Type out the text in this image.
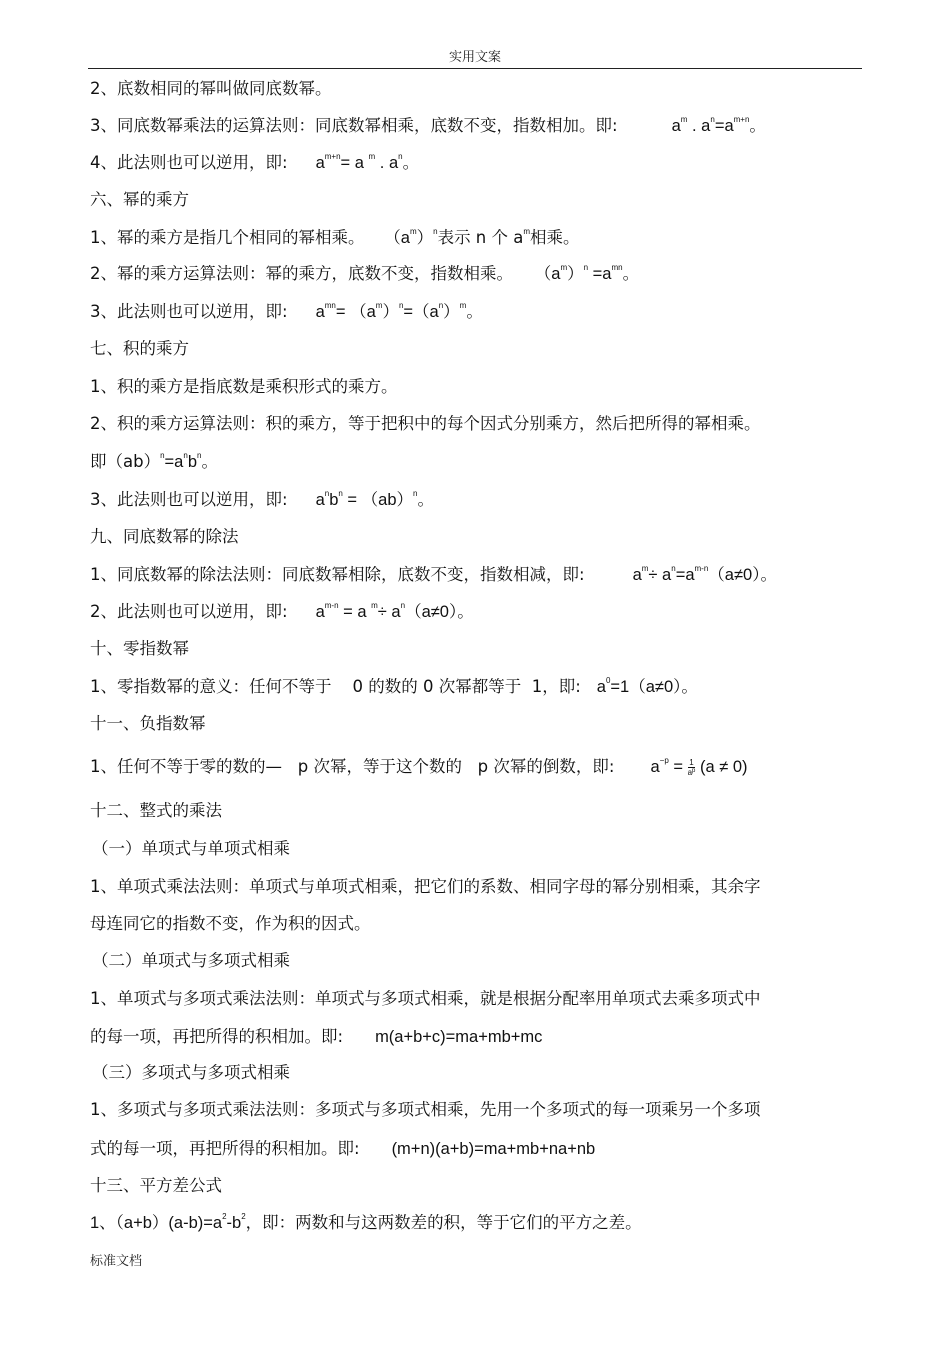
实用文案
2、底数相同的幂叫做同底数幂。
3、同底数幂乘法的运算法则：同底数幂相乘，底数不变，指数相加。即:	$a^m$ . $a^n=a^{m+n}$。
4、此法则也可以逆用，即: $a^{m+n}= a$ $^m$ . $a^n$。
六、幂的乘方
1、幂的乘方是指几个相同的幂相乘。 $(a^m)^n$表示 n 个 $a^m$相乘。
2、幂的乘方运算法则：幂的乘方，底数不变，指数相乘。 $(a^m)^n =a^{mn}$。
3、此法则也可以逆用，即: $a^{mn}= (a^m)^n=(a^n)^m$。
七、积的乘方
1、积的乘方是指底数是乘积形式的乘方。
2、积的乘方运算法则：积的乘方，等于把积中的每个因式分别乘方，然后把所得的幂相乘。
即$(ab)^n=a^nb^n$。
3、此法则也可以逆用，即: $a^nb^n = (ab)^n$。
九、同底数幂的除法
1、同底数幂的除法法则：同底数幂相除，底数不变，指数相减，即:	$a^m\div a^n=a^{m-n}(a\ne 0)$。
2、此法则也可以逆用，即: $a^{m-n} = a$ $^m\div a^n(a\ne 0)$。
十、零指数幂
1、零指数幂的意义：任何不等于    0 的数的 0 次幂都等于  1，即: $a^0=1(a\ne 0)$。
十一、负指数幂
1、任何不等于零的数的—   p 次幂，等于这个数的   p 次幂的倒数，即: $a^{-p} = \frac{1}{a^p} (a \ne 0)$
十二、整式的乘法
（一）单项式与单项式相乘
1、单项式乘法法则：单项式与单项式相乘，把它们的系数、相同字母的幂分别相乘，其余字
母连同它的指数不变，作为积的因式。
（二）单项式与多项式相乘
1、单项式与多项式乘法法则：单项式与多项式相乘，就是根据分配率用单项式去乘多项式中
的每一项，再把所得的积相加。即: m(a+b+c)=ma+mb+mc
（三）多项式与多项式相乘
1、多项式与多项式乘法法则：多项式与多项式相乘，先用一个多项式的每一项乘另一个多项
式的每一项，再把所得的积相加。即: (m+n)(a+b)=ma+mb+na+nb
十三、平方差公式
1、$(a+b)(a-b)=a^2-b^2$，即：两数和与这两数差的积，等于它们的平方之差。
标准文档
